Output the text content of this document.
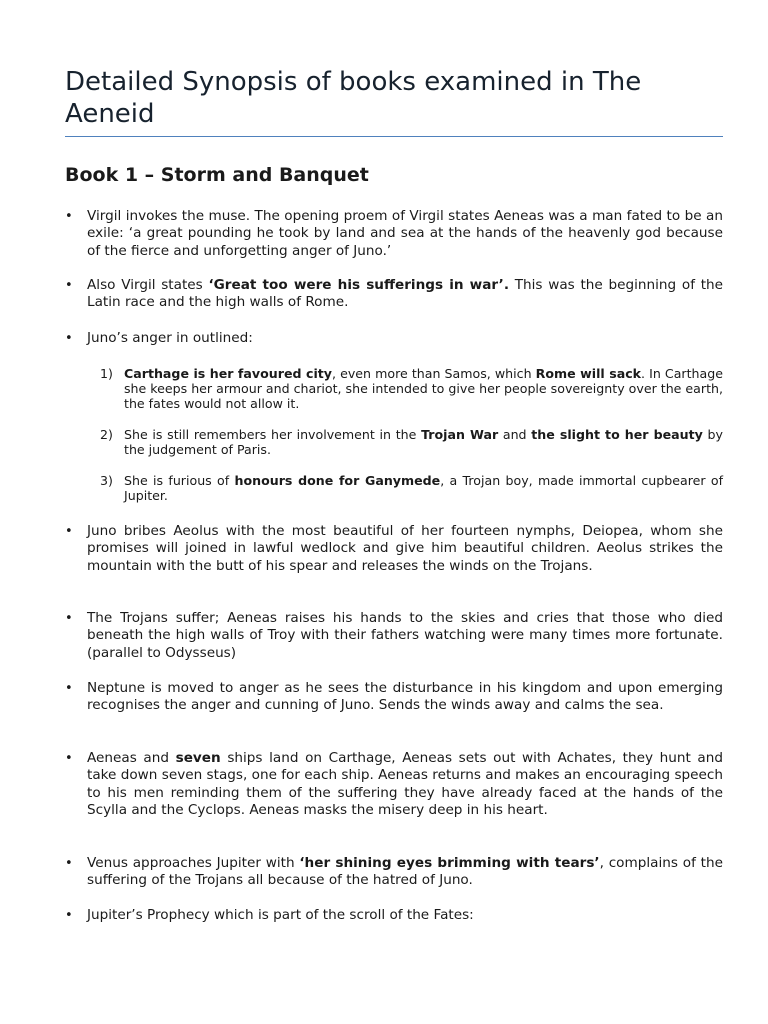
Detailed Synopsis of books examined in The Aeneid
Book 1 – Storm and Banquet

• Virgil invokes the muse. The opening proem of Virgil states Aeneas was a man fated to be an exile: ‘a great pounding he took by land and sea at the hands of the heavenly god because of the fierce and unforgetting anger of Juno.’

• Also Virgil states ‘Great too were his sufferings in war’. This was the beginning of the Latin race and the high walls of Rome.

• Juno’s anger in outlined:

1) Carthage is her favoured city, even more than Samos, which Rome will sack. In Carthage she keeps her armour and chariot, she intended to give her people sovereignty over the earth, the fates would not allow it.

2) She is still remembers her involvement in the Trojan War and the slight to her beauty by the judgement of Paris.

3) She is furious of honours done for Ganymede, a Trojan boy, made immortal cupbearer of Jupiter.

• Juno bribes Aeolus with the most beautiful of her fourteen nymphs, Deiopea, whom she promises will joined in lawful wedlock and give him beautiful children. Aeolus strikes the mountain with the butt of his spear and releases the winds on the Trojans.

• The Trojans suffer; Aeneas raises his hands to the skies and cries that those who died beneath the high walls of Troy with their fathers watching were many times more fortunate. (parallel to Odysseus)

• Neptune is moved to anger as he sees the disturbance in his kingdom and upon emerging recognises the anger and cunning of Juno. Sends the winds away and calms the sea.

• Aeneas and seven ships land on Carthage, Aeneas sets out with Achates, they hunt and take down seven stags, one for each ship. Aeneas returns and makes an encouraging speech to his men reminding them of the suffering they have already faced at the hands of the Scylla and the Cyclops. Aeneas masks the misery deep in his heart.

• Venus approaches Jupiter with ‘her shining eyes brimming with tears’, complains of the suffering of the Trojans all because of the hatred of Juno.

• Jupiter’s Prophecy which is part of the scroll of the Fates:
